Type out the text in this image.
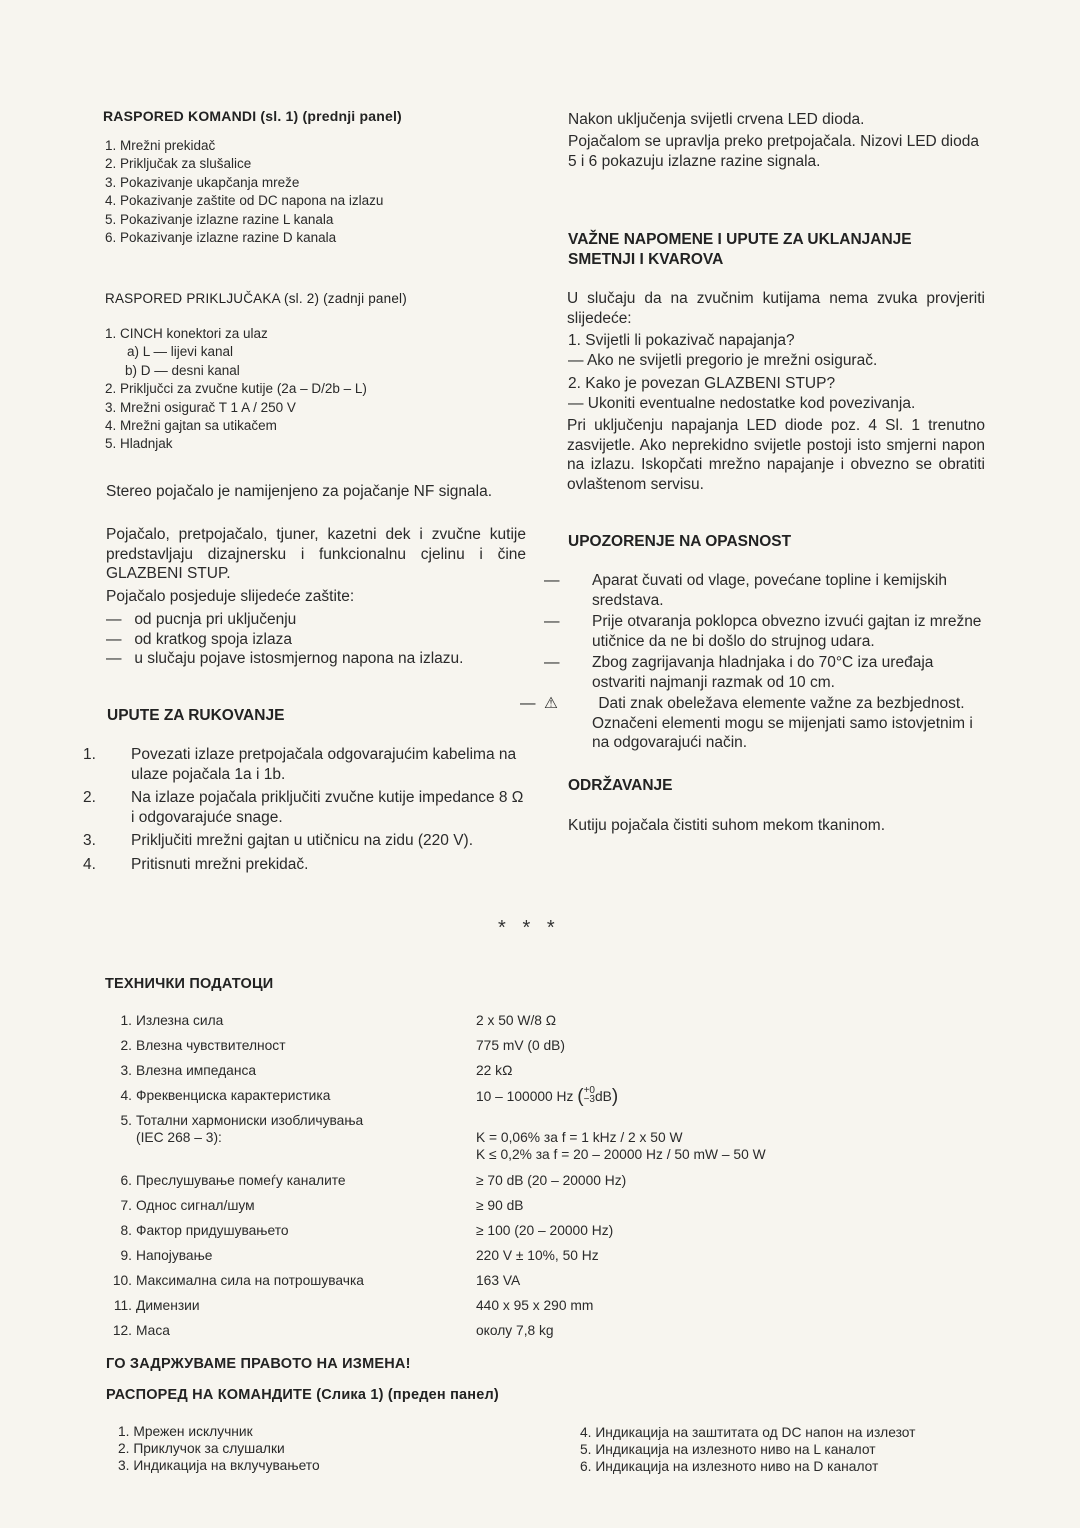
RASPORED KOMANDI (sl. 1) (prednji panel)
1. Mrežni prekidač
2. Priključak za slušalice
3. Pokazivanje ukapčanja mreže
4. Pokazivanje zaštite od DC napona na izlazu
5. Pokazivanje izlazne razine L kanala
6. Pokazivanje izlazne razine D kanala
RASPORED PRIKLJUČAKA (sl. 2) (zadnji panel)
1. CINCH konektori za ulaz
a) L — lijevi kanal
b) D — desni kanal
2. Priključci za zvučne kutije (2a – D/2b – L)
3. Mrežni osigurač T 1 A / 250 V
4. Mrežni gajtan sa utikačem
5. Hladnjak
Stereo pojačalo je namijenjeno za pojačanje NF signala.
Pojačalo, pretpojačalo, tjuner, kazetni dek i zvučne kutije predstavljaju dizajnersku i funkcionalnu cjelinu i čine GLAZBENI STUP.
Pojačalo posjeduje slijedeće zaštite:
— od pucnja pri uključenju
— od kratkog spoja izlaza
— u slučaju pojave istosmjernog napona na izlazu.
UPUTE ZA RUKOVANJE
1. Povezati izlaze pretpojačala odgovarajućim kabelima na ulaze pojačala 1a i 1b.
2. Na izlaze pojačala priključiti zvučne kutije impedance 8 Ω i odgovarajuće snage.
3. Priključiti mrežni gajtan u utičnicu na zidu (220 V).
4. Pritisnuti mrežni prekidač.
Nakon uključenja svijetli crvena LED dioda.
Pojačalom se upravlja preko pretpojačala. Nizovi LED dioda 5 i 6 pokazuju izlazne razine signala.
VAŽNE NAPOMENE I UPUTE ZA UKLANJANJE SMETNJI I KVAROVA
U slučaju da na zvučnim kutijama nema zvuka provjeriti slijedeće:
1. Svijetli li pokazivač napajanja?
— Ako ne svijetli pregorio je mrežni osigurač.
2. Kako je povezan GLAZBENI STUP?
— Ukoniti eventualne nedostatke kod povezivanja.
Pri uključenju napajanja LED diode poz. 4 Sl. 1 trenutno zasvijetle. Ako neprekidno svijetle postoji isto smjerni napon na izlazu. Iskopčati mrežno napajanje i obvezno se obratiti ovlaštenom servisu.
UPOZORENJE NA OPASNOST
— Aparat čuvati od vlage, povećane topline i kemijskih sredstava.
— Prije otvaranja poklopca obvezno izvući gajtan iz mrežne utičnice da ne bi došlo do strujnog udara.
— Zbog zagrijavanja hladnjaka i do 70°C iza uređaja ostvariti najmanji razmak od 10 cm.
— ⚠	Dati znak obeležava elemente važne za bezbjednost. Označeni elementi mogu se mijenjati samo istovjetnim i na odgovarajući način.
ODRŽAVANJE
Kutiju pojačala čistiti suhom mekom tkaninom.
*   *   *
ТЕХНИЧКИ ПОДАТОЦИ
1. Излезна сила	2 x 50 W/8 Ω
2. Влезна чувствителност	775 mV (0 dB)
3. Влезна импеданса	22 kΩ
4. Фреквенциска карактеристика	10 – 100000 Hz ( +0
−3 dB)
5. Тотални хармониски изобличувања
(IEC 268 – 3):	K = 0,06% за f = 1 kHz / 2 x 50 W
K ≤ 0,2% за f = 20 – 20000 Hz / 50 mW – 50 W
6. Преслушување помеѓу каналите	≥ 70 dB (20 – 20000 Hz)
7. Однос сигнал/шум	≥ 90 dB
8. Фактор придушувањето	≥ 100 (20 – 20000 Hz)
9. Напојување	220 V ± 10%, 50 Hz
10. Максимална сила на потрошувачка	163 VA
11. Димензии	440 x 95 x 290 mm
12. Маса	околу 7,8 kg
ГО ЗАДРЖУВАМЕ ПРАВОТО НА ИЗМЕНА!
РАСПОРЕД НА КОМАНДИТЕ (Слика 1) (преден панел)
1. Мрежен исклучник
2. Приклучок за слушалки
3. Индикација на вклучувањето
4. Индикација на заштитата од DC напон на излезот
5. Индикација на излезното ниво на L каналот
6. Индикација на излезното ниво на D каналот
